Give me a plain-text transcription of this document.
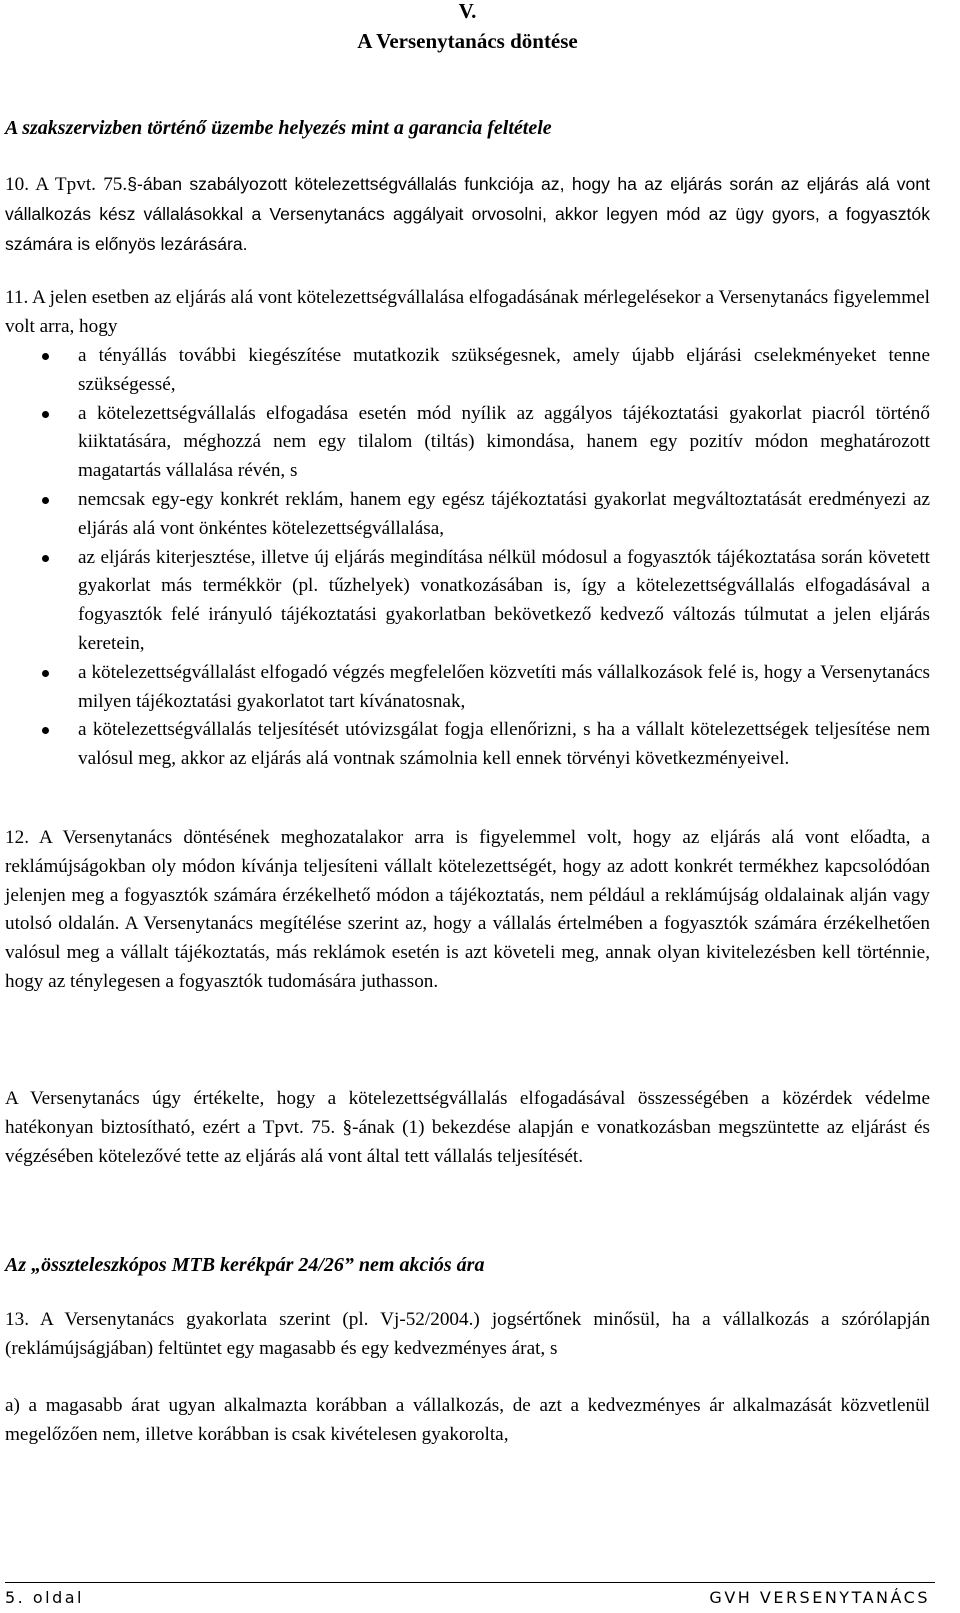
V.
A Versenytanács döntése
A szakszervizben történő üzembe helyezés mint a garancia feltétele
10. A Tpvt. 75.§-ában szabályozott kötelezettségvállalás funkciója az, hogy ha az eljárás során az eljárás alá vont vállalkozás kész vállalásokkal a Versenytanács aggályait orvosolni, akkor legyen mód az ügy gyors, a fogyasztók számára is előnyös lezárására.
11. A jelen esetben az eljárás alá vont kötelezettségvállalása elfogadásának mérlegelésekor a Versenytanács figyelemmel volt arra, hogy
a tényállás további kiegészítése mutatkozik szükségesnek, amely újabb eljárási cselekményeket tenne szükségessé,
a kötelezettségvállalás elfogadása esetén mód nyílik az aggályos tájékoztatási gyakorlat piacról történő kiiktatására, méghozzá nem egy tilalom (tiltás) kimondása, hanem egy pozitív módon meghatározott magatartás vállalása révén, s
nemcsak egy-egy konkrét reklám, hanem egy egész tájékoztatási gyakorlat megváltoztatását eredményezi az eljárás alá vont önkéntes kötelezettségvállalása,
az eljárás kiterjesztése, illetve új eljárás megindítása nélkül módosul a fogyasztók tájékoztatása során követett gyakorlat más termékkör (pl. tűzhelyek) vonatkozásában is, így a kötelezettségvállalás elfogadásával a fogyasztók felé irányuló tájékoztatási gyakorlatban bekövetkező kedvező változás túlmutat a jelen eljárás keretein,
a kötelezettségvállalást elfogadó végzés megfelelően közvetíti más vállalkozások felé is, hogy a Versenytanács milyen tájékoztatási gyakorlatot tart kívánatosnak,
a kötelezettségvállalás teljesítését utóvizsgálat fogja ellenőrizni, s ha a vállalt kötelezettségek teljesítése nem valósul meg, akkor az eljárás alá vontnak számolnia kell ennek törvényi következményeivel.
12. A Versenytanács döntésének meghozatalakor arra is figyelemmel volt, hogy az eljárás alá vont előadta, a reklámújságokban oly módon kívánja teljesíteni vállalt kötelezettségét, hogy az adott konkrét termékhez kapcsolódóan jelenjen meg a fogyasztók számára érzékelhető módon a tájékoztatás, nem például a reklámújság oldalainak alján vagy utolsó oldalán. A Versenytanács megítélése szerint az, hogy a vállalás értelmében a fogyasztók számára érzékelhetően valósul meg a vállalt tájékoztatás, más reklámok esetén is azt követeli meg, annak olyan kivitelezésben kell történnie, hogy az ténylegesen a fogyasztók tudomására juthasson.
A Versenytanács úgy értékelte, hogy a kötelezettségvállalás elfogadásával összességében a közérdek védelme hatékonyan biztosítható, ezért a Tpvt. 75. §-ának (1) bekezdése alapján e vonatkozásban megszüntette az eljárást és végzésében kötelezővé tette az eljárás alá vont által tett vállalás teljesítését.
Az „összteleszkópos MTB kerékpár 24/26” nem akciós ára
13. A Versenytanács gyakorlata szerint (pl. Vj-52/2004.) jogsértőnek minősül, ha a vállalkozás a szórólapján (reklámújságjában) feltüntet egy magasabb és egy kedvezményes árat, s
a) a magasabb árat ugyan alkalmazta korábban a vállalkozás, de azt a kedvezményes ár alkalmazását közvetlenül megelőzően nem, illetve korábban is csak kivételesen gyakorolta,
5. oldal	GVH VERSENYTANÁCS
